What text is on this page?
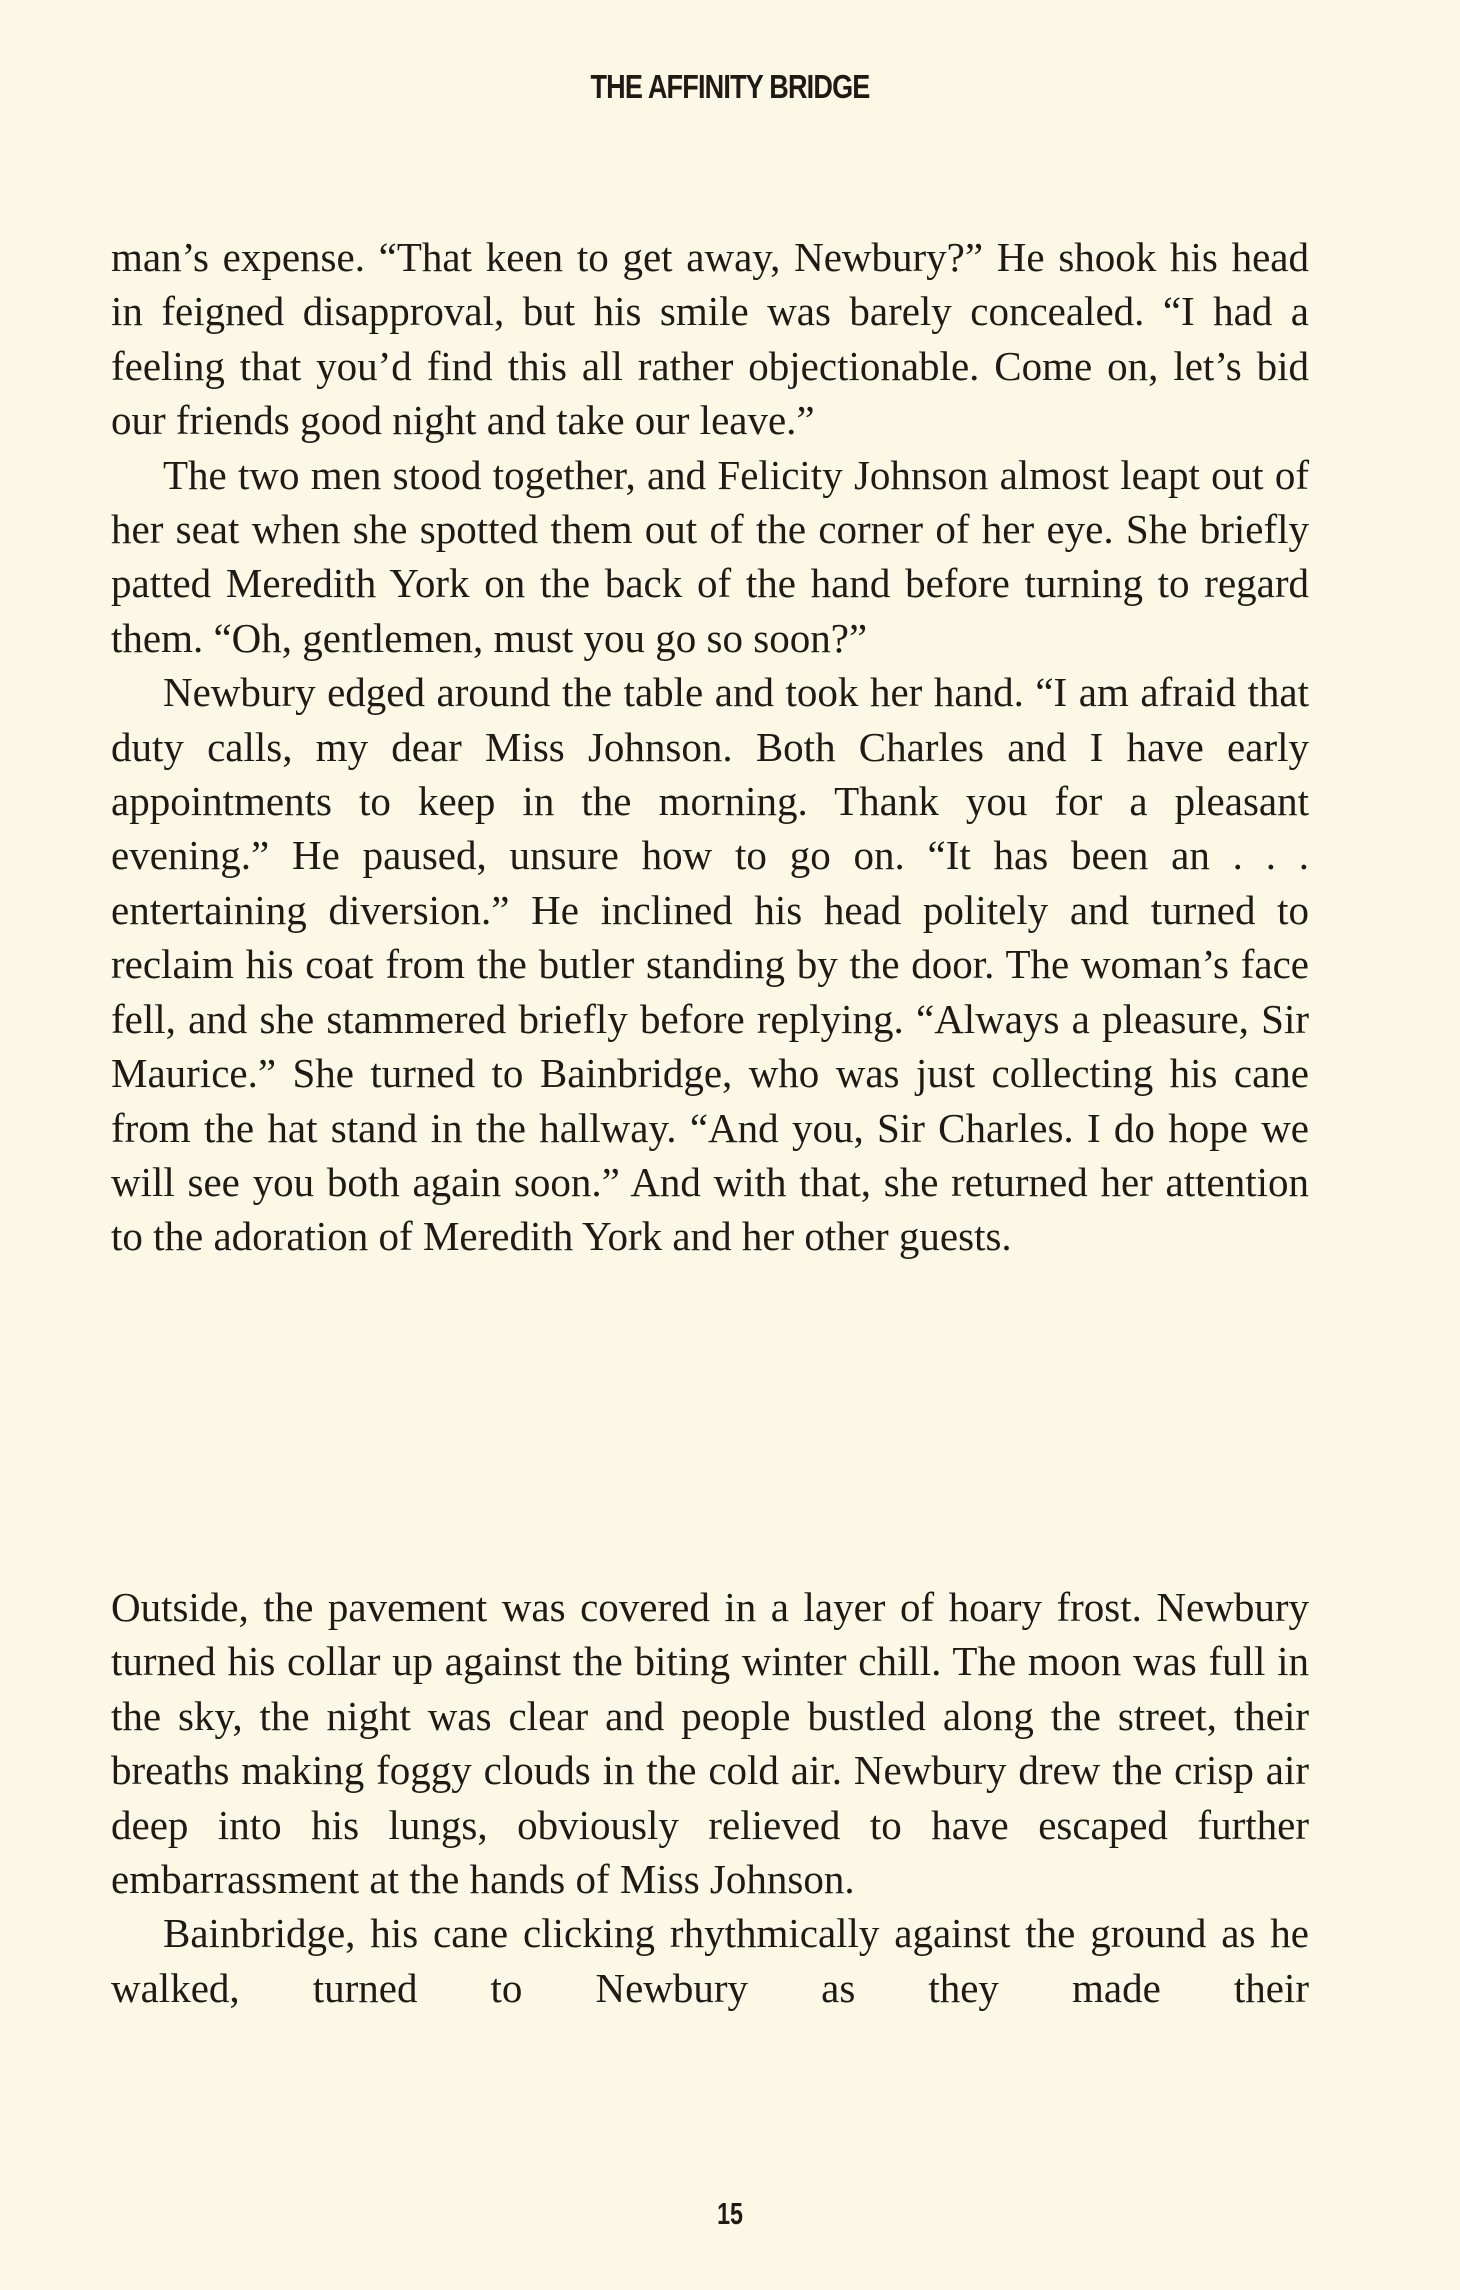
THE AFFINITY BRIDGE

man’s expense. “That keen to get away, Newbury?” He shook his head in feigned disapproval, but his smile was barely concealed. “I had a feeling that you’d find this all rather objectionable. Come on, let’s bid our friends good night and take our leave.”

The two men stood together, and Felicity Johnson almost leapt out of her seat when she spotted them out of the corner of her eye. She briefly patted Meredith York on the back of the hand before turning to regard them. “Oh, gentlemen, must you go so soon?”

Newbury edged around the table and took her hand. “I am afraid that duty calls, my dear Miss Johnson. Both Charles and I have early appointments to keep in the morning. Thank you for a pleasant evening.” He paused, unsure how to go on. “It has been an . . . entertaining diversion.” He inclined his head politely and turned to reclaim his coat from the butler standing by the door. The woman’s face fell, and she stammered briefly before replying. “Always a pleasure, Sir Maurice.” She turned to Bainbridge, who was just collecting his cane from the hat stand in the hallway. “And you, Sir Charles. I do hope we will see you both again soon.” And with that, she returned her attention to the adoration of Meredith York and her other guests.

Outside, the pavement was covered in a layer of hoary frost. Newbury turned his collar up against the biting winter chill. The moon was full in the sky, the night was clear and people bustled along the street, their breaths making foggy clouds in the cold air. Newbury drew the crisp air deep into his lungs, obviously relieved to have escaped further embarrassment at the hands of Miss Johnson.

Bainbridge, his cane clicking rhythmically against the ground as he walked, turned to Newbury as they made their

15
